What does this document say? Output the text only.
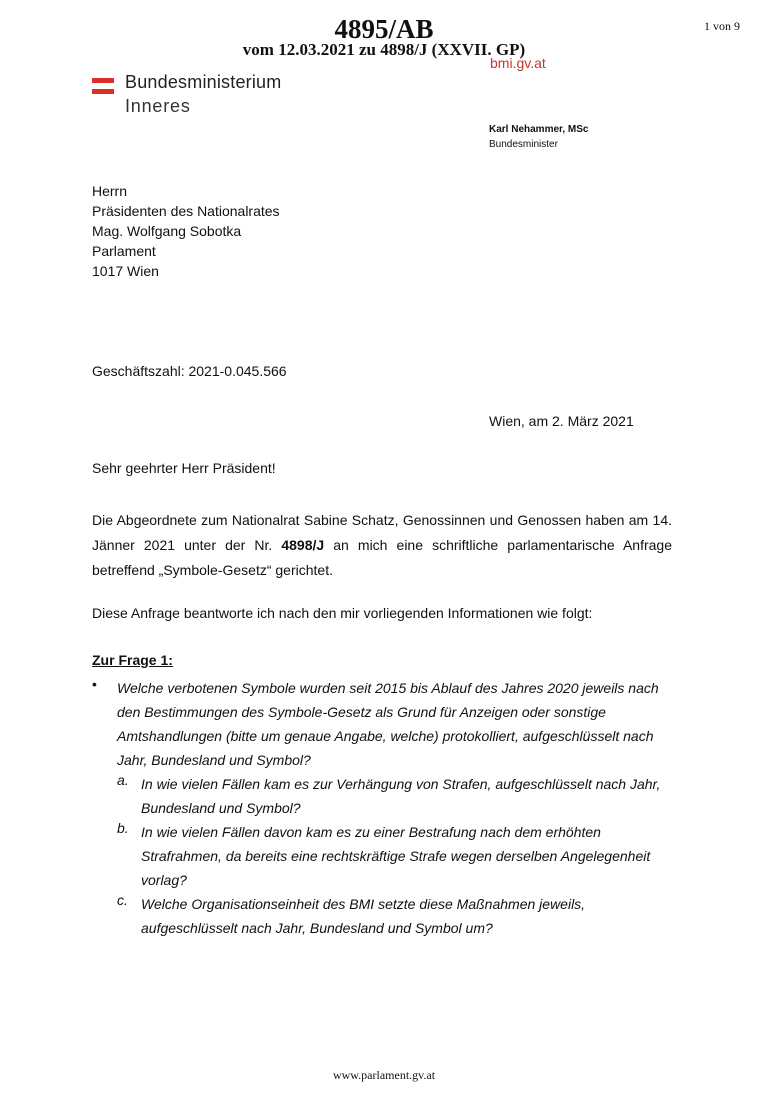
4895/AB
vom 12.03.2021 zu 4898/J (XXVII. GP)
1 von 9
bmi.gv.at
Bundesministerium
Inneres
Karl Nehammer, MSc
Bundesminister
Herrn
Präsidenten des Nationalrates
Mag. Wolfgang Sobotka
Parlament
1017 Wien
Geschäftszahl: 2021-0.045.566
Wien, am 2. März 2021
Sehr geehrter Herr Präsident!
Die Abgeordnete zum Nationalrat Sabine Schatz, Genossinnen und Genossen haben am 14. Jänner 2021 unter der Nr. 4898/J an mich eine schriftliche parlamentarische Anfrage betreffend „Symbole-Gesetz“ gerichtet.
Diese Anfrage beantworte ich nach den mir vorliegenden Informationen wie folgt:
Zur Frage 1:
• Welche verbotenen Symbole wurden seit 2015 bis Ablauf des Jahres 2020 jeweils nach den Bestimmungen des Symbole-Gesetz als Grund für Anzeigen oder sonstige Amtshandlungen (bitte um genaue Angabe, welche) protokolliert, aufgeschlüsselt nach Jahr, Bundesland und Symbol?
a. In wie vielen Fällen kam es zur Verhängung von Strafen, aufgeschlüsselt nach Jahr, Bundesland und Symbol?
b. In wie vielen Fällen davon kam es zu einer Bestrafung nach dem erhöhten Strafrahmen, da bereits eine rechtskräftige Strafe wegen derselben Angelegenheit vorlag?
c. Welche Organisationseinheit des BMI setzte diese Maßnahmen jeweils, aufgeschlüsselt nach Jahr, Bundesland und Symbol um?
www.parlament.gv.at
